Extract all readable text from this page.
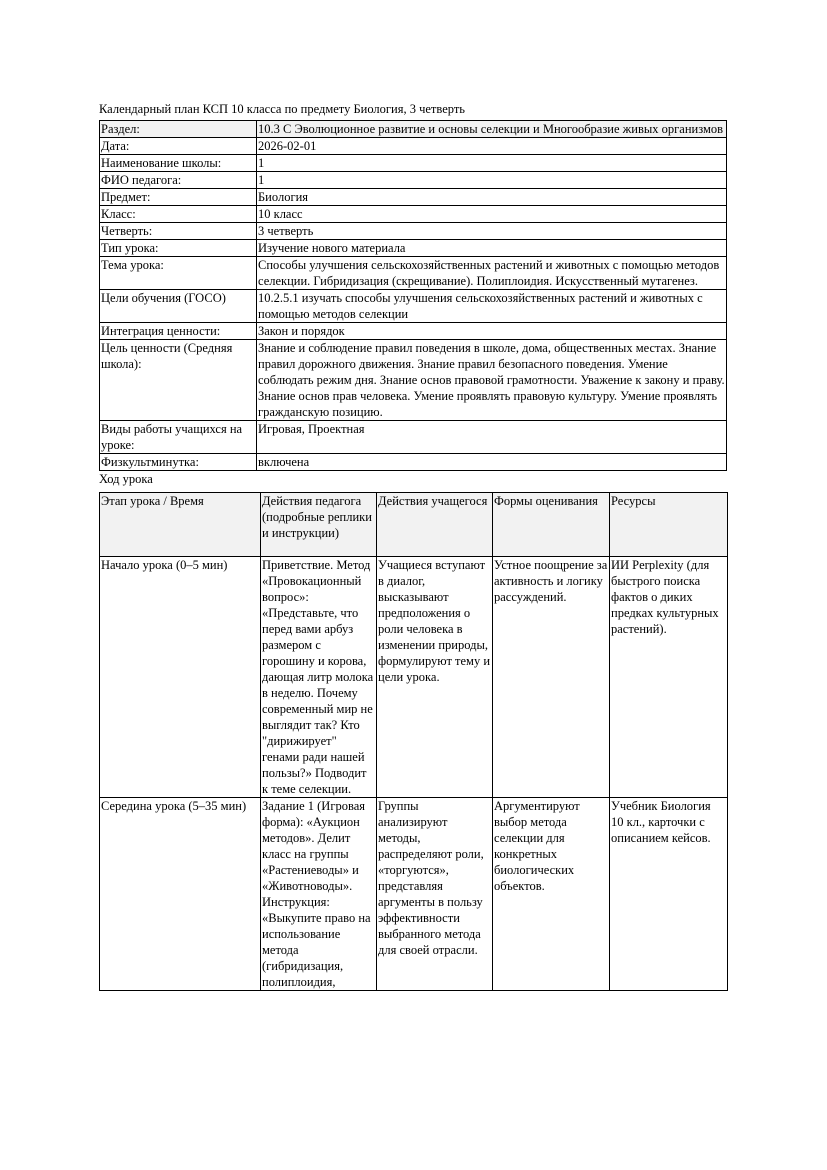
Календарный план КСП 10 класса по предмету Биология, 3 четверть
Раздел:	10.3 С Эволюционное развитие и основы селекции и Многообразие живых организмов
Дата:	2026-02-01
Наименование школы:	1
ФИО педагога:	1
Предмет:	Биология
Класс:	10 класс
Четверть:	3 четверть
Тип урока:	Изучение нового материала
Тема урока:	Способы улучшения сельскохозяйственных растений и животных с помощью методов селекции. Гибридизация (скрещивание). Полиплоидия. Искусственный мутагенез.
Цели обучения (ГОСО)	10.2.5.1 изучать способы улучшения сельскохозяйственных растений и животных с помощью методов селекции
Интеграция ценности:	Закон и порядок
Цель ценности (Средняя школа):	Знание и соблюдение правил поведения в школе, дома, общественных местах. Знание правил дорожного движения. Знание правил безопасного поведения. Умение соблюдать режим дня. Знание основ правовой грамотности. Уважение к закону и праву. Знание основ прав человека. Умение проявлять правовую культуру. Умение проявлять гражданскую позицию.
Виды работы учащихся на уроке:	Игровая, Проектная
Физкультминутка:	включена
Ход урока
Этап урока / Время	Действия педагога (подробные реплики и инструкции)	Действия учащегося	Формы оценивания	Ресурсы
Начало урока (0–5 мин)	Приветствие. Метод «Провокационный вопрос»: «Представьте, что перед вами арбуз размером с горошину и корова, дающая литр молока в неделю. Почему современный мир не выглядит так? Кто "дирижирует" генами ради нашей пользы?» Подводит к теме селекции.	Учащиеся вступают в диалог, высказывают предположения о роли человека в изменении природы, формулируют тему и цели урока.	Устное поощрение за активность и логику рассуждений.	ИИ Perplexity (для быстрого поиска фактов о диких предках культурных растений).
Середина урока (5–35 мин)	Задание 1 (Игровая форма): «Аукцион методов». Делит класс на группы «Растениеводы» и «Животноводы». Инструкция: «Выкупите право на использование метода (гибридизация, полиплоидия,	Группы анализируют методы, распределяют роли, «торгуются», представляя аргументы в пользу эффективности выбранного метода для своей отрасли.	Аргументируют выбор метода селекции для конкретных биологических объектов.	Учебник Биология 10 кл., карточки с описанием кейсов.
